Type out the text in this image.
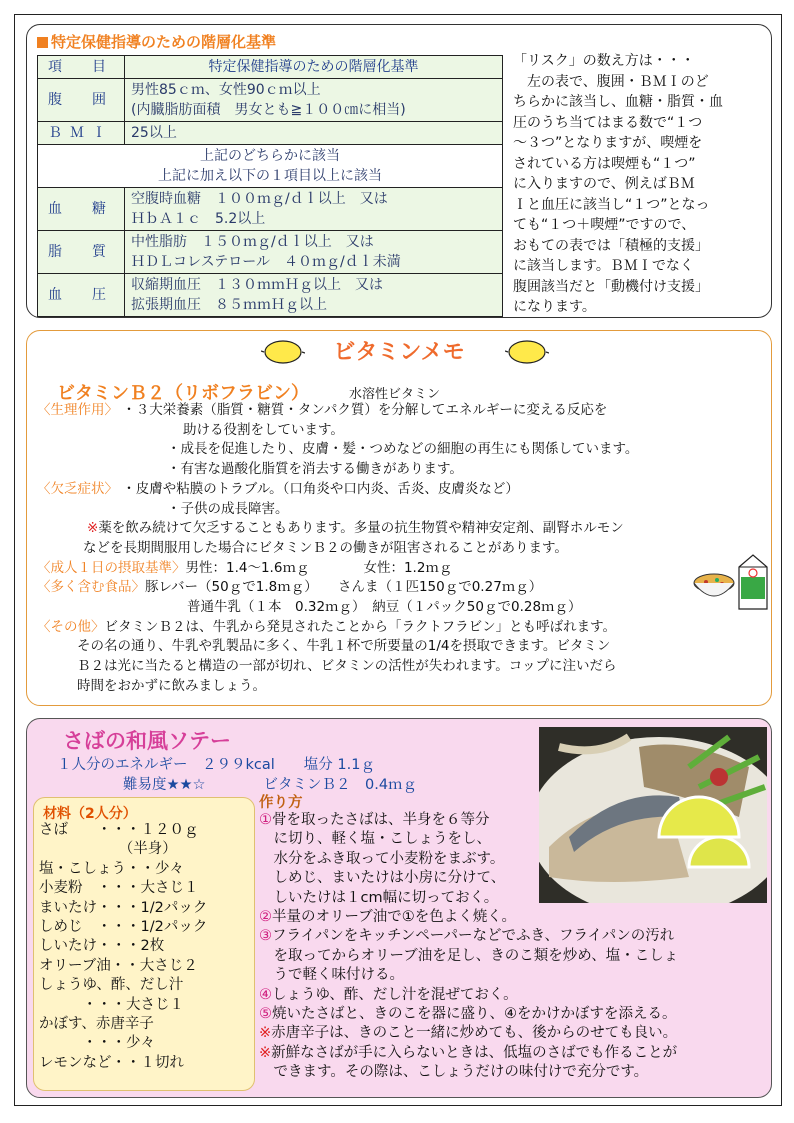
特定保健指導のための階層化基準
項　目	特定保健指導のための階層化基準
腹　囲	男性85ｃｍ、女性90ｃｍ以上
(内臓脂肪面積　男女とも≧１００㎝に相当)

ＢＭＩ	25以上

上記のどちらかに該当
上記に加え以下の１項目以上に該当	

血　糖	空腹時血糖　１００ｍｇ/ｄｌ以上　又は
ＨｂＡ１ｃ　5.2以上

脂　質	中性脂肪　１５０ｍｇ/ｄｌ以上　又は
ＨＤＬコレステロール　４０ｍｇ/ｄｌ未満

血　圧	収縮期血圧　１３０ｍｍＨｇ以上　又は
拡張期血圧　８５ｍｍＨｇ以上
「リスク」の数え方は・・・
　左の表で、腹囲・ＢＭＩのど
ちらかに該当し、血糖・脂質・血
圧のうち当てはまる数で“１つ
～３つ”となりますが、喫煙を
されている方は喫煙も“１つ”
に入りますので、例えばＢＭ
Ｉと血圧に該当し“１つ”となっ
ても“１つ＋喫煙”ですので、
おもての表では「積極的支援」
に該当します。ＢＭＩでなく
腹囲該当だと「動機付け支援」
になります。
ビタミンメモ
ビタミンＢ２（リボフラビン）	水溶性ビタミン
〈生理作用〉 ・３大栄養素（脂質・糖質・タンパク質）を分解してエネルギーに変える反応を
助ける役割をしています。
・成長を促進したり、皮膚・髪・つめなどの細胞の再生にも関係しています。
・有害な過酸化脂質を消去する働きがあります。
〈欠乏症状〉 ・皮膚や粘膜のトラブル。（口角炎や口内炎、舌炎、皮膚炎など）
・子供の成長障害。
※薬を飲み続けて欠乏することもあります。多量の抗生物質や精神安定剤、副腎ホルモン
などを長期間服用した場合にビタミンＢ２の働きが阻害されることがあります。
〈成人１日の摂取基準〉男性：1.4～1.6ｍｇ　　　　女性：1.2ｍｇ
〈多く含む食品〉豚レバー（50ｇで1.8ｍｇ）　　さんま（１匹150ｇで0.27ｍｇ）
普通牛乳（１本　0.32ｍｇ）　納豆（１パック50ｇで0.28ｍｇ）
〈その他〉ビタミンＢ２は、牛乳から発見されたことから「ラクトフラビン」とも呼ばれます。
その名の通り、牛乳や乳製品に多く、牛乳１杯で所要量の1/4を摂取できます。ビタミン
Ｂ２は光に当たると構造の一部が切れ、ビタミンの活性が失われます。コップに注いだら
時間をおかずに飲みましょう。
さばの和風ソテー
１人分のエネルギー　２９９kcal　　塩分 1.1ｇ
難易度★★☆　　　　ビタミンＢ２　0.4ｍｇ
材料（2人分）
さば　　・・・１２０ｇ
　　　　　　（半身）
塩・こしょう・・少々
小麦粉　・・・大さじ１
まいたけ・・・1/2パック
しめじ　・・・1/2パック
しいたけ・・・2枚
オリーブ油・・大さじ２
しょうゆ、酢、だし汁
　　　・・・大さじ１
かぼす、赤唐辛子
　　　・・・少々
レモンなど・・１切れ
作り方
①骨を取ったさばは、半身を６等分
　に切り、軽く塩・こしょうをし、
　水分をふき取って小麦粉をまぶす。
　しめじ、まいたけは小房に分けて、
　しいたけは１cm幅に切っておく。
②半量のオリーブ油で①を色よく焼く。
③フライパンをキッチンペーパーなどでふき、フライパンの汚れ
　を取ってからオリーブ油を足し、きのこ類を炒め、塩・こしょ
　うで軽く味付ける。
④しょうゆ、酢、だし汁を混ぜておく。
⑤焼いたさばと、きのこを器に盛り、④をかけかぼすを添える。
※赤唐辛子は、きのこと一緒に炒めても、後からのせても良い。
※新鮮なさばが手に入らないときは、低塩のさばでも作ることが
　できます。その際は、こしょうだけの味付けで充分です。
